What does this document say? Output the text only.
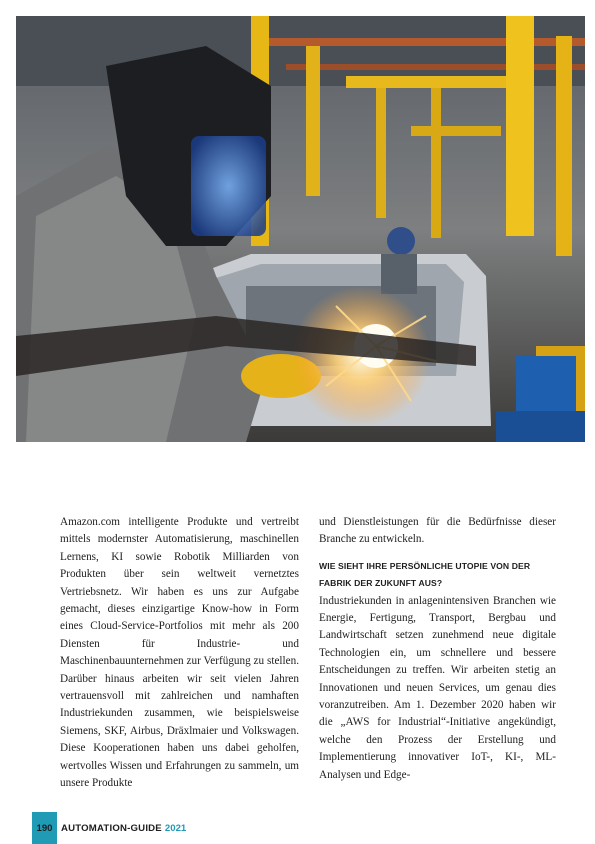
Amazon.com intelligente Produkte und vertreibt mittels modernster Automatisierung, maschinellen Lernens, KI sowie Robotik Milliarden von Produkten über sein weltweit vernetztes Vertriebsnetz. Wir haben es uns zur Aufgabe gemacht, dieses einzigartige Know-how in Form eines Cloud-Service-Portfolios mit mehr als 200 Diensten für Industrie- und Maschinenbauunternehmen zur Verfügung zu stellen. Darüber hinaus arbeiten wir seit vielen Jahren vertrauensvoll mit zahlreichen und namhaften Industriekunden zusammen, wie beispielsweise Siemens, SKF, Airbus, Dräxlmaier und Volkswagen. Diese Kooperationen haben uns dabei geholfen, wertvolles Wissen und Erfahrungen zu sammeln, um unsere Produkte

und Dienstleistungen für die Bedürfnisse dieser Branche zu entwickeln.

WIE SIEHT IHRE PERSÖNLICHE UTOPIE VON DER FABRIK DER ZUKUNFT AUS?

Industriekunden in anlagenintensiven Branchen wie Energie, Fertigung, Transport, Bergbau und Landwirtschaft setzen zunehmend neue digitale Technologien ein, um schnellere und bessere Entscheidungen zu treffen. Wir arbeiten stetig an Innovationen und neuen Services, um genau dies voranzutreiben. Am 1. Dezember 2020 haben wir die „AWS for Industrial“-Initiative angekündigt, welche den Prozess der Erstellung und Implementierung innovativer IoT-, KI-, ML-Analysen und Edge-

190 AUTOMATION-GUIDE 2021
